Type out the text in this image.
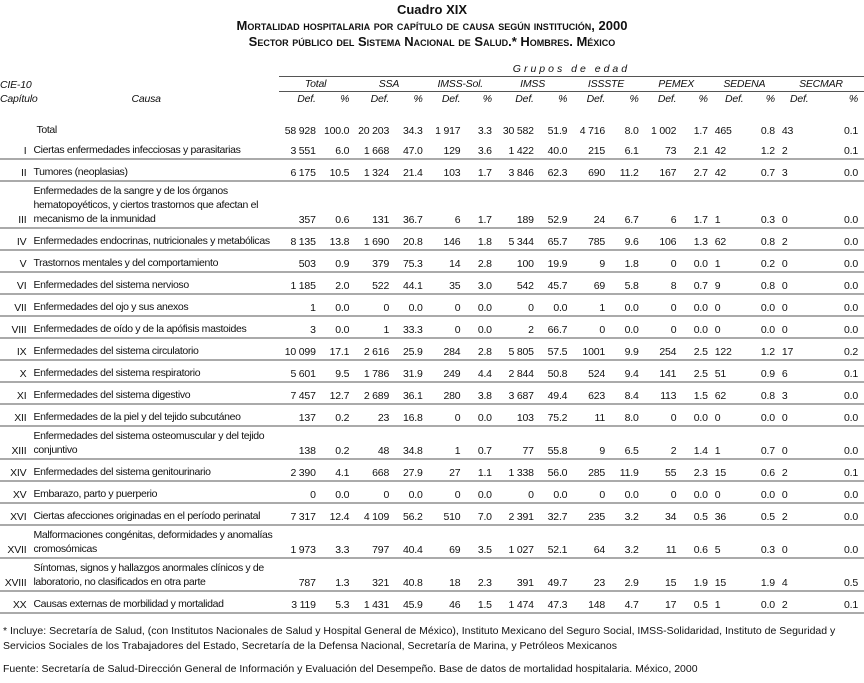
Cuadro XIX
Mortalidad hospitalaria por capítulo de causa según institución, 2000
Sector público del Sistema Nacional de Salud.* Hombres. México
		Grupos de edad															
CIE-10		Total		SSA		IMSS-Sol.		IMSS		ISSSTE		PEMEX		SEDENA		SECMAR	
Capítulo	Causa	Def.	%	Def.	%	Def.	%	Def.	%	Def.	%	Def.	%	Def.	%	Def.	%

	Total	58 928	100.0	20 203	34.3	1 917	3.3	30 582	51.9	4 716	8.0	1 002	1.7	465	0.8	43	0.1
I	Ciertas enfermedades infecciosas y parasitarias	3 551	6.0	1 668	47.0	129	3.6	1 422	40.0	215	6.1	73	2.1	42	1.2	2	0.1
II	Tumores (neoplasias)	6 175	10.5	1 324	21.4	103	1.7	3 846	62.3	690	11.2	167	2.7	42	0.7	3	0.0
III	Enfermedades de la sangre y de los órganos hematopoyéticos, y ciertos trastornos que afectan el mecanismo de la inmunidad	357	0.6	131	36.7	6	1.7	189	52.9	24	6.7	6	1.7	1	0.3	0	0.0
IV	Enfermedades endocrinas, nutricionales y metabólicas	8 135	13.8	1 690	20.8	146	1.8	5 344	65.7	785	9.6	106	1.3	62	0.8	2	0.0
V	Trastornos mentales y del comportamiento	503	0.9	379	75.3	14	2.8	100	19.9	9	1.8	0	0.0	1	0.2	0	0.0
VI	Enfermedades del sistema nervioso	1 185	2.0	522	44.1	35	3.0	542	45.7	69	5.8	8	0.7	9	0.8	0	0.0
VII	Enfermedades del ojo y sus anexos	1	0.0	0	0.0	0	0.0	0	0.0	1	0.0	0	0.0	0	0.0	0	0.0
VIII	Enfermedades de oído y de la apófisis mastoides	3	0.0	1	33.3	0	0.0	2	66.7	0	0.0	0	0.0	0	0.0	0	0.0
IX	Enfermedades del sistema circulatorio	10 099	17.1	2 616	25.9	284	2.8	5 805	57.5	1001	9.9	254	2.5	122	1.2	17	0.2
X	Enfermedades del sistema respiratorio	5 601	9.5	1 786	31.9	249	4.4	2 844	50.8	524	9.4	141	2.5	51	0.9	6	0.1
XI	Enfermedades del sistema digestivo	7 457	12.7	2 689	36.1	280	3.8	3 687	49.4	623	8.4	113	1.5	62	0.8	3	0.0
XII	Enfermedades de la piel y del tejido subcutáneo	137	0.2	23	16.8	0	0.0	103	75.2	11	8.0	0	0.0	0	0.0	0	0.0
XIII	Enfermedades del sistema osteomuscular y del tejido conjuntivo	138	0.2	48	34.8	1	0.7	77	55.8	9	6.5	2	1.4	1	0.7	0	0.0
XIV	Enfermedades del sistema genitourinario	2 390	4.1	668	27.9	27	1.1	1 338	56.0	285	11.9	55	2.3	15	0.6	2	0.1
XV	Embarazo, parto y puerperio	0	0.0	0	0.0	0	0.0	0	0.0	0	0.0	0	0.0	0	0.0	0	0.0
XVI	Ciertas afecciones originadas en el período perinatal	7 317	12.4	4 109	56.2	510	7.0	2 391	32.7	235	3.2	34	0.5	36	0.5	2	0.0
XVII	Malformaciones congénitas, deformidades y anomalías cromosómicas	1 973	3.3	797	40.4	69	3.5	1 027	52.1	64	3.2	11	0.6	5	0.3	0	0.0
XVIII	Síntomas, signos y hallazgos anormales clínicos y de laboratorio, no clasificados en otra parte	787	1.3	321	40.8	18	2.3	391	49.7	23	2.9	15	1.9	15	1.9	4	0.5
XX	Causas externas de morbilidad y mortalidad	3 119	5.3	1 431	45.9	46	1.5	1 474	47.3	148	4.7	17	0.5	1	0.0	2	0.1
* Incluye: Secretaría de Salud, (con Institutos Nacionales de Salud y Hospital General de México), Instituto Mexicano del Seguro Social, IMSS-Solidaridad, Instituto de Seguridad y Servicios Sociales de los Trabajadores del Estado, Secretaría de la Defensa Nacional, Secretaría de Marina, y Petróleos Mexicanos
Fuente: Secretaría de Salud-Dirección General de Información y Evaluación del Desempeño. Base de datos de mortalidad hospitalaria. México, 2000
